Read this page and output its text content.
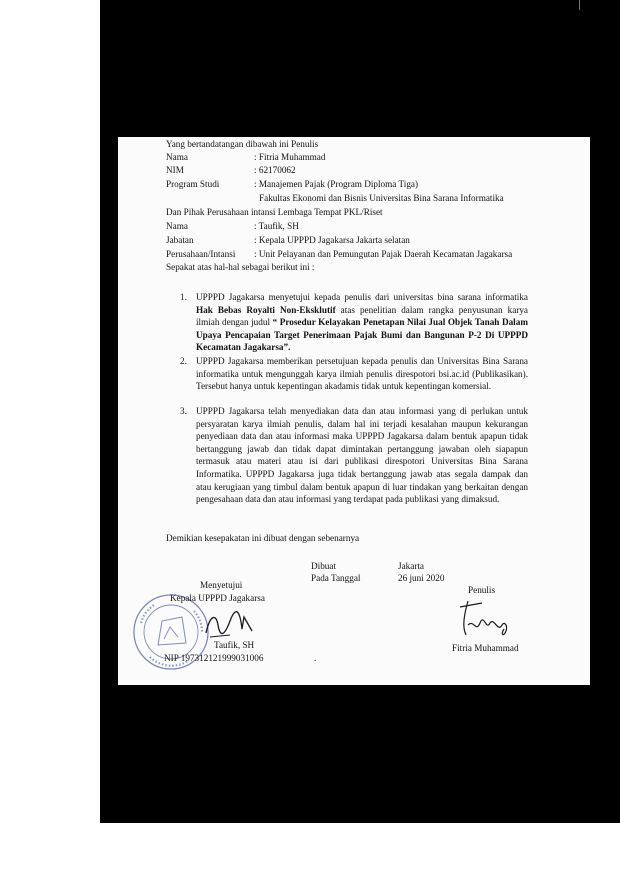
Yang bertandatangan dibawah ini Penulis
Nama	: Fitria Muhammad
NIM	: 62170062
Program Studi	: Manajemen Pajak (Program Diploma Tiga)
Fakultas Ekonomi dan Bisnis Universitas Bina Sarana Informatika
Dan Pihak Perusahaan intansi Lembaga Tempat PKL/Riset
Nama	: Taufik, SH
Jabatan	: Kepala UPPPD Jagakarsa Jakarta selatan
Perusahaan/Intansi : Unit Pelayanan dan Pemungutan Pajak Daerah Kecamatan Jagakarsa
Sepakat atas hal-hal sebagai berikut ini :
1. UPPPD Jagakarsa menyetujui kepada penulis dari universitas bina sarana informatika Hak Bebas Royalti Non-Eksklutif atas penelitian dalam rangka penyusunan karya ilmiah dengan judul “ Prosedur Kelayakan Penetapan Nilai Jual Objek Tanah Dalam Upaya Pencapaian Target Penerimaan Pajak Bumi dan Bangunan P-2 Di UPPPD Kecamatan Jagakarsa”.
2. UPPPD Jagakarsa memberikan persetujuan kepada penulis dan Universitas Bina Sarana informatika untuk mengunggah karya ilmiah penulis direspotori bsi.ac.id (Publikasikan). Tersebut hanya untuk kepentingan akadamis tidak untuk kepentingan komersial.
3. UPPPD Jagakarsa telah menyediakan data dan atau informasi yang di perlukan untuk persyaratan karya ilmiah penulis, dalam hal ini terjadi kesalahan maupun kekurangan penyediaan data dan atau informasi maka UPPPD Jagakarsa dalam bentuk apapun tidak bertanggung jawab dan tidak dapat dimintakan pertanggung jawaban oleh siapapun termasuk atau materi atau isi dari publikasi direspotori Universitas Bina Sarana Informatika. UPPPD Jagakarsa juga tidak bertanggung jawab atas segala dampak dan atau kerugiaan yang timbul dalam bentuk apapun di luar tindakan yang berkaitan dengan pengesahaan data dan atau informasi yang terdapat pada publikasi yang dimaksud.
Demikian kesepakatan ini dibuat dengan sebenarnya
Dibuat	Jakarta
Pada Tanggal	26 juni 2020
Menyetujui
Kepala UPPPD Jagakarsa
Taufik, SH
NIP 197312121999031006
Penulis
Fitria Muhammad
.
